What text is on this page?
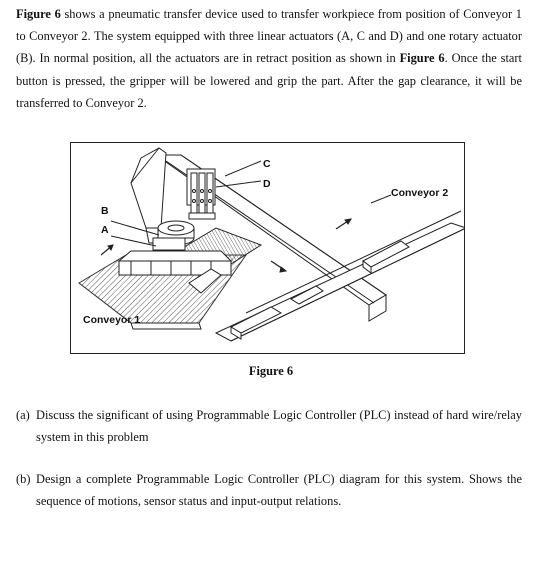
Figure 6 shows a pneumatic transfer device used to transfer workpiece from position of Conveyor 1 to Conveyor 2. The system equipped with three linear actuators (A, C and D) and one rotary actuator (B). In normal position, all the actuators are in retract position as shown in Figure 6. Once the start button is pressed, the gripper will be lowered and grip the part. After the gap clearance, it will be transferred to Conveyor 2.
C
D
B
A
Conveyor 2
Conveyor 1
Figure 6
(a) Discuss the significant of using Programmable Logic Controller (PLC) instead of hard wire/relay system in this problem
(b) Design a complete Programmable Logic Controller (PLC) diagram for this system. Shows the sequence of motions, sensor status and input-output relations.
